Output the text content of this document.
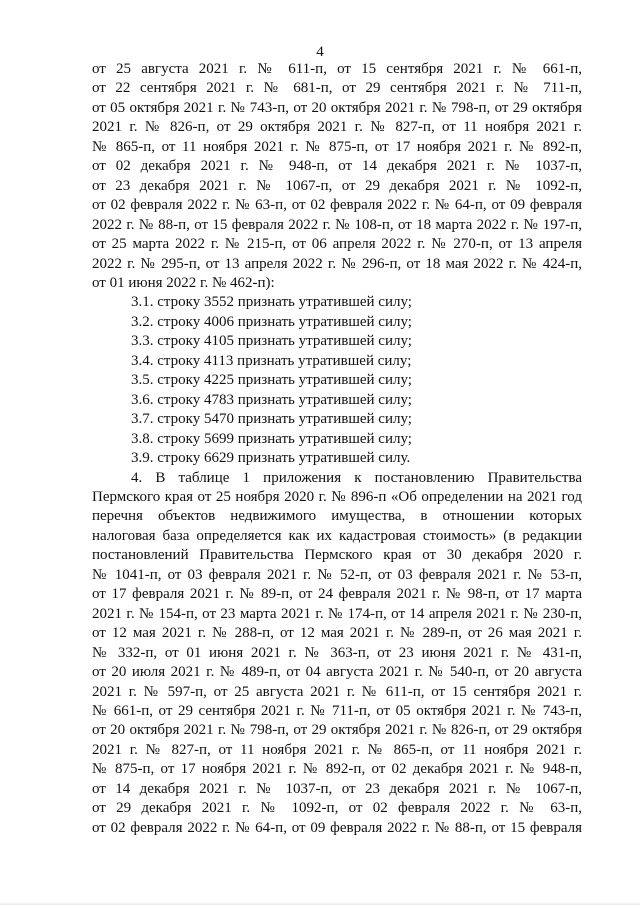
4

от 25 августа 2021 г. № 611-п, от 15 сентября 2021 г. № 661-п,

от 22 сентября 2021 г. № 681-п, от 29 сентября 2021 г. № 711-п,

от 05 октября 2021 г. № 743-п, от 20 октября 2021 г. № 798-п, от 29 октября

2021 г. № 826-п, от 29 октября 2021 г. № 827-п, от 11 ноября 2021 г.

№ 865-п, от 11 ноября 2021 г. № 875-п, от 17 ноября 2021 г. № 892-п,

от 02 декабря 2021 г. № 948-п, от 14 декабря 2021 г. № 1037-п,

от 23 декабря 2021 г. № 1067-п, от 29 декабря 2021 г. № 1092-п,

от 02 февраля 2022 г. № 63-п, от 02 февраля 2022 г. № 64-п, от 09 февраля

2022 г. № 88-п, от 15 февраля 2022 г. № 108-п, от 18 марта 2022 г. № 197-п,

от 25 марта 2022 г. № 215-п, от 06 апреля 2022 г. № 270-п, от 13 апреля

2022 г. № 295-п, от 13 апреля 2022 г. № 296-п, от 18 мая 2022 г. № 424-п,

от 01 июня 2022 г. № 462-п):

3.1. строку 3552 признать утратившей силу;

3.2. строку 4006 признать утратившей силу;

3.3. строку 4105 признать утратившей силу;

3.4. строку 4113 признать утратившей силу;

3.5. строку 4225 признать утратившей силу;

3.6. строку 4783 признать утратившей силу;

3.7. строку 5470 признать утратившей силу;

3.8. строку 5699 признать утратившей силу;

3.9. строку 6629 признать утратившей силу.

4. В таблице 1 приложения к постановлению Правительства

Пермского края от 25 ноября 2020 г. № 896-п «Об определении на 2021 год

перечня объектов недвижимого имущества, в отношении которых

налоговая база определяется как их кадастровая стоимость» (в редакции

постановлений Правительства Пермского края от 30 декабря 2020 г.

№ 1041-п, от 03 февраля 2021 г. № 52-п, от 03 февраля 2021 г. № 53-п,

от 17 февраля 2021 г. № 89-п, от 24 февраля 2021 г. № 98-п, от 17 марта

2021 г. № 154-п, от 23 марта 2021 г. № 174-п, от 14 апреля 2021 г. № 230-п,

от 12 мая 2021 г. № 288-п, от 12 мая 2021 г. № 289-п, от 26 мая 2021 г.

№ 332-п, от 01 июня 2021 г. № 363-п, от 23 июня 2021 г. № 431-п,

от 20 июля 2021 г. № 489-п, от 04 августа 2021 г. № 540-п, от 20 августа

2021 г. № 597-п, от 25 августа 2021 г. № 611-п, от 15 сентября 2021 г.

№ 661-п, от 29 сентября 2021 г. № 711-п, от 05 октября 2021 г. № 743-п,

от 20 октября 2021 г. № 798-п, от 29 октября 2021 г. № 826-п, от 29 октября

2021 г. № 827-п, от 11 ноября 2021 г. № 865-п, от 11 ноября 2021 г.

№ 875-п, от 17 ноября 2021 г. № 892-п, от 02 декабря 2021 г. № 948-п,

от 14 декабря 2021 г. № 1037-п, от 23 декабря 2021 г. № 1067-п,

от 29 декабря 2021 г. № 1092-п, от 02 февраля 2022 г. № 63-п,

от 02 февраля 2022 г. № 64-п, от 09 февраля 2022 г. № 88-п, от 15 февраля
